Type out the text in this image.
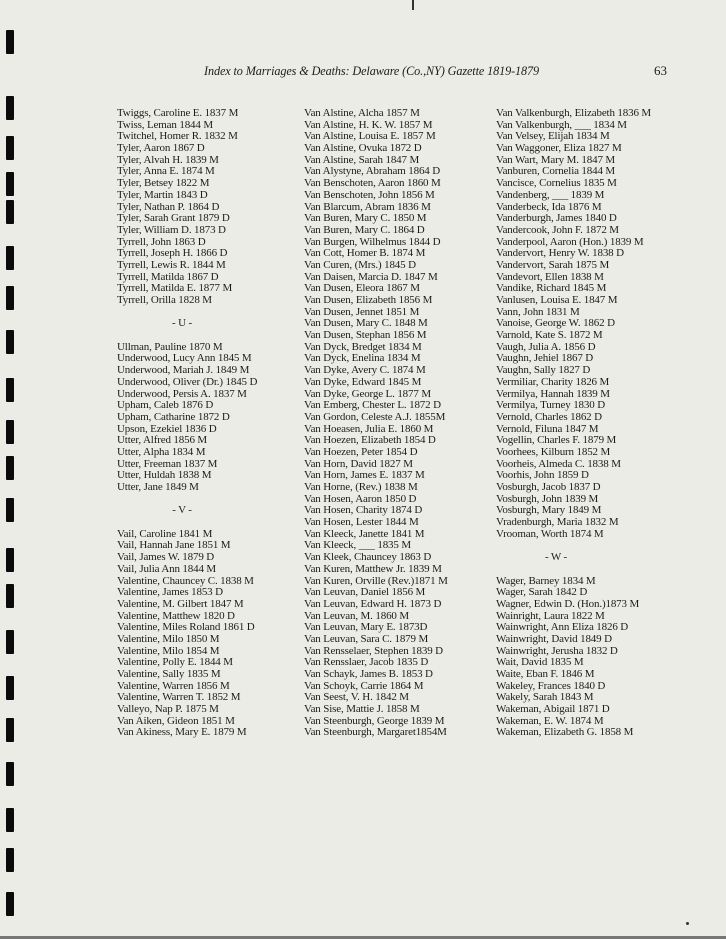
Index to Marriages & Deaths: Delaware (Co.,NY) Gazette 1819-1879	63
Twiggs, Caroline E. 1837 M
Twiss, Leman 1844 M
Twitchel, Homer R. 1832 M
Tyler, Aaron 1867 D
Tyler, Alvah H. 1839 M
Tyler, Anna E. 1874 M
Tyler, Betsey 1822 M
Tyler, Martin 1843 D
Tyler, Nathan P. 1864 D
Tyler, Sarah Grant 1879 D
Tyler, William D. 1873 D
Tyrrell, John 1863 D
Tyrrell, Joseph H. 1866 D
Tyrrell, Lewis R. 1844 M
Tyrrell, Matilda 1867 D
Tyrrell, Matilda E. 1877 M
Tyrrell, Orilla 1828 M
- U -
Ullman, Pauline 1870 M
Underwood, Lucy Ann 1845 M
Underwood, Mariah J. 1849 M
Underwood, Oliver (Dr.) 1845 D
Underwood, Persis A. 1837 M
Upham, Caleb 1876 D
Upham, Catharine 1872 D
Upson, Ezekiel 1836 D
Utter, Alfred 1856 M
Utter, Alpha 1834 M
Utter, Freeman 1837 M
Utter, Huldah 1838 M
Utter, Jane 1849 M
- V -
Vail, Caroline 1841 M
Vail, Hannah Jane 1851 M
Vail, James W. 1879 D
Vail, Julia Ann 1844 M
Valentine, Chauncey C. 1838 M
Valentine, James 1853 D
Valentine, M. Gilbert 1847 M
Valentine, Matthew 1820 D
Valentine, Miles Roland 1861 D
Valentine, Milo 1850 M
Valentine, Milo 1854 M
Valentine, Polly E. 1844 M
Valentine, Sally 1835 M
Valentine, Warren 1856 M
Valentine, Warren T. 1852 M
Valleyo, Nap P. 1875 M
Van Aiken, Gideon 1851 M
Van Akiness, Mary E. 1879 M
Van Alstine, Alcha 1857 M
Van Alstine, H. K. W. 1857 M
Van Alstine, Louisa E. 1857 M
Van Alstine, Ovuka 1872 D
Van Alstine, Sarah 1847 M
Van Alystyne, Abraham 1864 D
Van Benschoten, Aaron 1860 M
Van Benschoten, John 1856 M
Van Blarcum, Abram 1836 M
Van Buren, Mary C. 1850 M
Van Buren, Mary C. 1864 D
Van Burgen, Wilhelmus 1844 D
Van Cott, Homer B. 1874 M
Van Curen, (Mrs.) 1845 D
Van Daisen, Marcia D. 1847 M
Van Dusen, Eleora 1867 M
Van Dusen, Elizabeth 1856 M
Van Dusen, Jennet 1851 M
Van Dusen, Mary C. 1848 M
Van Dusen, Stephan 1856 M
Van Dyck, Bredget 1834 M
Van Dyck, Enelina 1834 M
Van Dyke, Avery C. 1874 M
Van Dyke, Edward 1845 M
Van Dyke, George L. 1877 M
Van Emberg, Chester L. 1872 D
Van Gordon, Celeste A.J. 1855M
Van Hoeasen, Julia E. 1860 M
Van Hoezen, Elizabeth 1854 D
Van Hoezen, Peter 1854 D
Van Horn, David 1827 M
Van Horn, James E. 1837 M
Van Horne, (Rev.) 1838 M
Van Hosen, Aaron 1850 D
Van Hosen, Charity 1874 D
Van Hosen, Lester 1844 M
Van Kleeck, Janette 1841 M
Van Kleeck, ___ 1835 M
Van Kleek, Chauncey 1863 D
Van Kuren, Matthew Jr. 1839 M
Van Kuren, Orville (Rev.)1871 M
Van Leuvan, Daniel 1856 M
Van Leuvan, Edward H. 1873 D
Van Leuvan, M. 1860 M
Van Leuvan, Mary E. 1873D
Van Leuvan, Sara C. 1879 M
Van Rensselaer, Stephen 1839 D
Van Rensslaer, Jacob 1835 D
Van Schayk, James B. 1853 D
Van Schoyk, Carrie 1864 M
Van Seest, V. H. 1842 M
Van Sise, Mattie J. 1858 M
Van Steenburgh, George 1839 M
Van Steenburgh, Margaret1854M
Van Valkenburgh, Elizabeth 1836 M
Van Valkenburgh, ___ 1834 M
Van Velsey, Elijah 1834 M
Van Waggoner, Eliza 1827 M
Van Wart, Mary M. 1847 M
Vanburen, Cornelia 1844 M
Vancisce, Cornelius 1835 M
Vandenberg, ___ 1839 M
Vanderbeck, Ida 1876 M
Vanderburgh, James 1840 D
Vandercook, John F. 1872 M
Vanderpool, Aaron (Hon.) 1839 M
Vandervort, Henry W. 1838 D
Vandervort, Sarah 1875 M
Vandevort, Ellen 1838 M
Vandike, Richard 1845 M
Vanlusen, Louisa E. 1847 M
Vann, John 1831 M
Vanoise, George W. 1862 D
Varnold, Kate S. 1872 M
Vaugh, Julia A. 1856 D
Vaughn, Jehiel 1867 D
Vaughn, Sally 1827 D
Vermiliar, Charity 1826 M
Vermilya, Hannah 1839 M
Vermilya, Turney 1830 D
Vernold, Charles 1862 D
Vernold, Filuna 1847 M
Vogellin, Charles F. 1879 M
Voorhees, Kilburn 1852 M
Voorheis, Almeda C. 1838 M
Voorhis, John 1859 D
Vosburgh, Jacob 1837 D
Vosburgh, John 1839 M
Vosburgh, Mary 1849 M
Vradenburgh, Maria 1832 M
Vrooman, Worth 1874 M
- W -
Wager, Barney 1834 M
Wager, Sarah 1842 D
Wagner, Edwin D. (Hon.)1873 M
Wainright, Laura 1822 M
Wainwright, Ann Eliza 1826 D
Wainwright, David 1849 D
Wainwright, Jerusha 1832 D
Wait, David 1835 M
Waite, Eban F. 1846 M
Wakeley, Frances 1840 D
Wakely, Sarah 1843 M
Wakeman, Abigail 1871 D
Wakeman, E. W. 1874 M
Wakeman, Elizabeth G. 1858 M
